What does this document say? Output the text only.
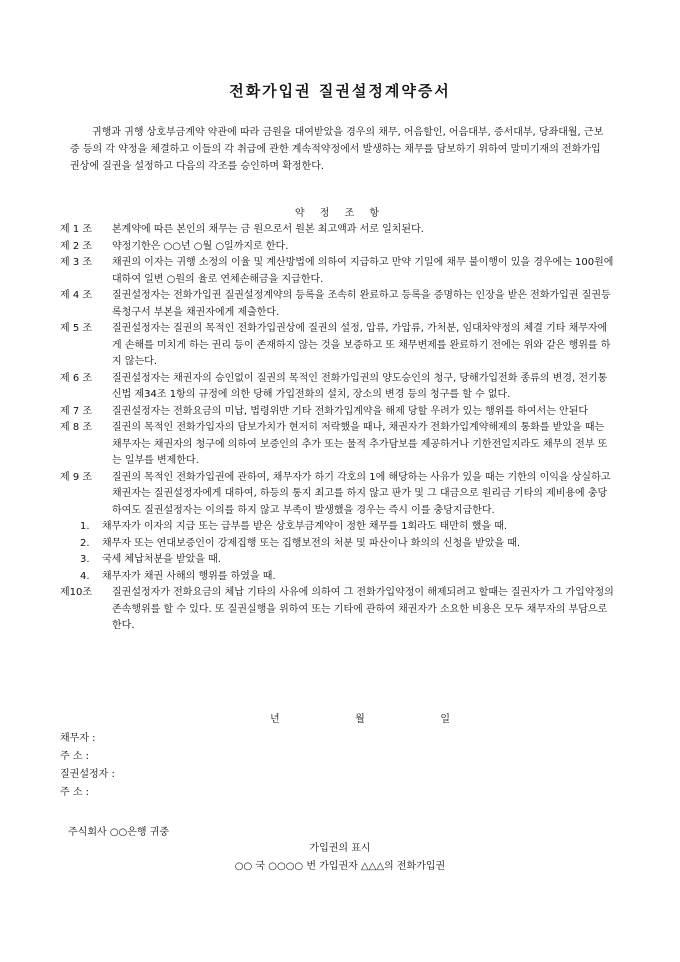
전화가입권 질권설정계약증서
귀행과 귀행 상호부금계약 약관에 따라 금원을 대여받았을 경우의 채무, 어음할인, 어음대부, 증서대부, 당좌대월, 근보증 등의 각 약정을 체결하고 이들의 각 취급에 관한 계속적약정에서 발생하는 채무를 담보하기 위하여 말미기재의 전화가입권상에 질권을 설정하고 다음의 각조를 승인하며 확정한다.
약 정 조 항
제 1 조	본계약에 따른 본인의 채무는 금 원으로서 원본 최고액과 서로 일치된다.
제 2 조	약정기한은 ○○년 ○월 ○일까지로 한다.
제 3 조	채권의 이자는 귀행 소정의 이율 및 계산방법에 의하여 지급하고 만약 기일에 채무 불이행이 있을 경우에는 100원에 대하여 일변 ○원의 율로 연체손해금을 지급한다.
제 4 조	질권설정자는 전화가입권 질권설정계약의 등록을 조속히 완료하고 등록을 증명하는 인장을 받은 전화가입권 질권등록청구서 부본을 채권자에게 제출한다.
제 5 조	질권설정자는 질권의 목적인 전화가입권상에 질권의 설정, 압류, 가압류, 가처분, 임대차약정의 체결 기타 채무자에게 손해를 미치게 하는 권리 등이 존재하지 않는 것을 보증하고 또 채무변제를 완료하기 전에는 위와 같은 행위를 하지 않는다.
제 6 조	질권설정자는 채권자의 승인없이 질권의 목적인 전화가입권의 양도승인의 청구, 당해가입전화 종류의 변경, 전기통신법 제34조 1항의 규정에 의한 당해 가입전화의 설치, 장소의 변경 등의 청구를 할 수 없다.
제 7 조	질권설정자는 전화요금의 미납, 법령위반 기타 전화가입계약을 해제 당할 우려가 있는 행위를 하여서는 안된다
제 8 조	질권의 목적인 전화가입자의 담보가치가 현저히 저락했을 때나, 채권자가 전화가입계약해제의 통화를 받았을 때는 채무자는 채권자의 청구에 의하여 보증인의 추가 또는 물적 추가담보를 제공하거나 기한전일지라도 채무의 전부 또는 일부를 변제한다.
제 9 조	질권의 목적인 전화가입권에 관하여, 채무자가 하기 각호의 1에 해당하는 사유가 있을 때는 기한의 이익을 상실하고 채권자는 질권설정자에게 대하여, 하등의 통지 최고를 하지 않고 판가 및 그 대금으로 원리금 기타의 제비용에 충당하여도 질권설정자는 이의를 하지 않고 부족이 발생했을 경우는 즉시 이를 충당지급한다.
1.	채무자가 이자의 지급 또는 급부를 받은 상호부금계약이 정한 채무를 1회라도 태만히 했을 때.
2.	채무자 또는 연대보증인이 강제집행 또는 집행보전의 처분 및 파산이나 화의의 신청을 받았을 때.
3.	국세 체납처분을 받았을 때.
4.	채무자가 채권 사해의 행위를 하였을 때.
제10조	질권설정자가 전화요금의 체납 기타의 사유에 의하여 그 전화가입약정이 해제되려고 할때는 질권자가 그 가입약정의 존속행위를 할 수 있다. 또 질권실행을 위하여 또는 기타에 관하여 채권자가 소요한 비용은 모두 채무자의 부담으로 한다.
년	월	일
채무자 :
주 소 :
질권설정자 :
주 소 :
주식회사 ○○은행 귀중
가입권의 표시
○○ 국 ○○○○ 번 가입권자 △△△의 전화가입권
